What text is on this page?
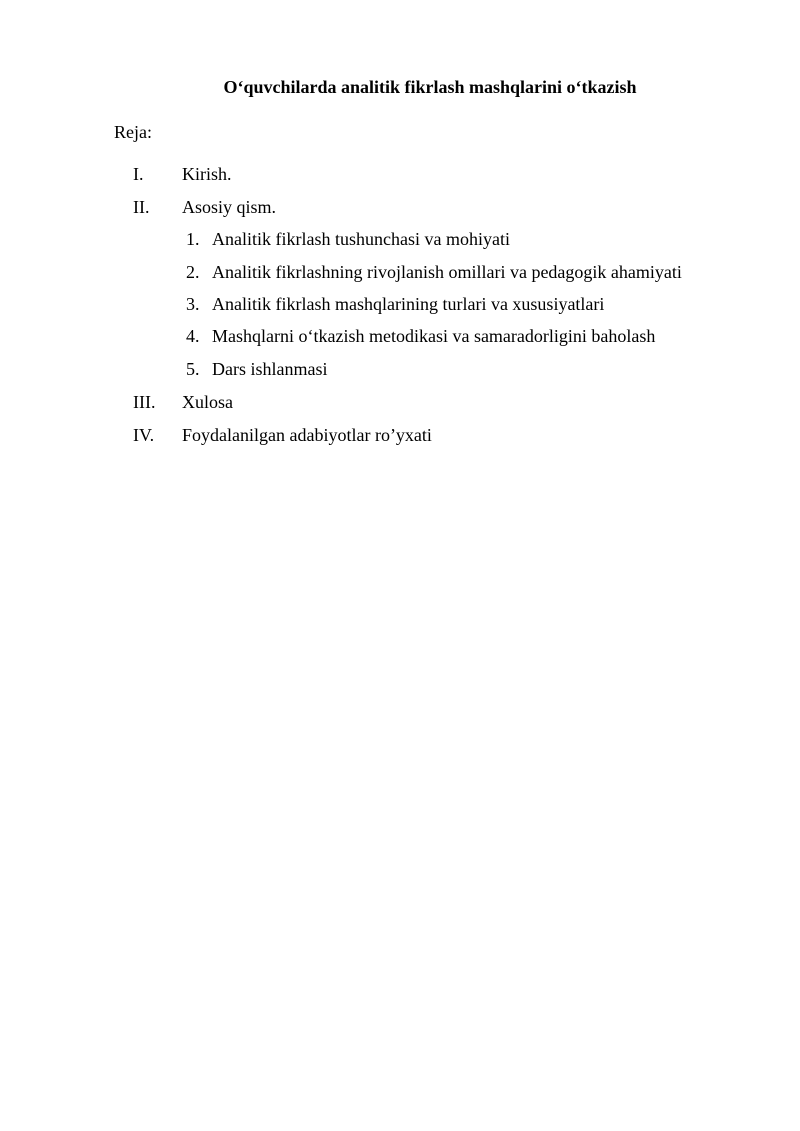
O‘quvchilarda analitik fikrlash mashqlarini o‘tkazish
Reja:
I. Kirish.
II. Asosiy qism.
1. Analitik fikrlash tushunchasi va mohiyati
2. Analitik fikrlashning rivojlanish omillari va pedagogik ahamiyati
3. Analitik fikrlash mashqlarining turlari va xususiyatlari
4. Mashqlarni o‘tkazish metodikasi va samaradorligini baholash
5. Dars ishlanmasi
III. Xulosa
IV. Foydalanilgan adabiyotlar ro’yxati
